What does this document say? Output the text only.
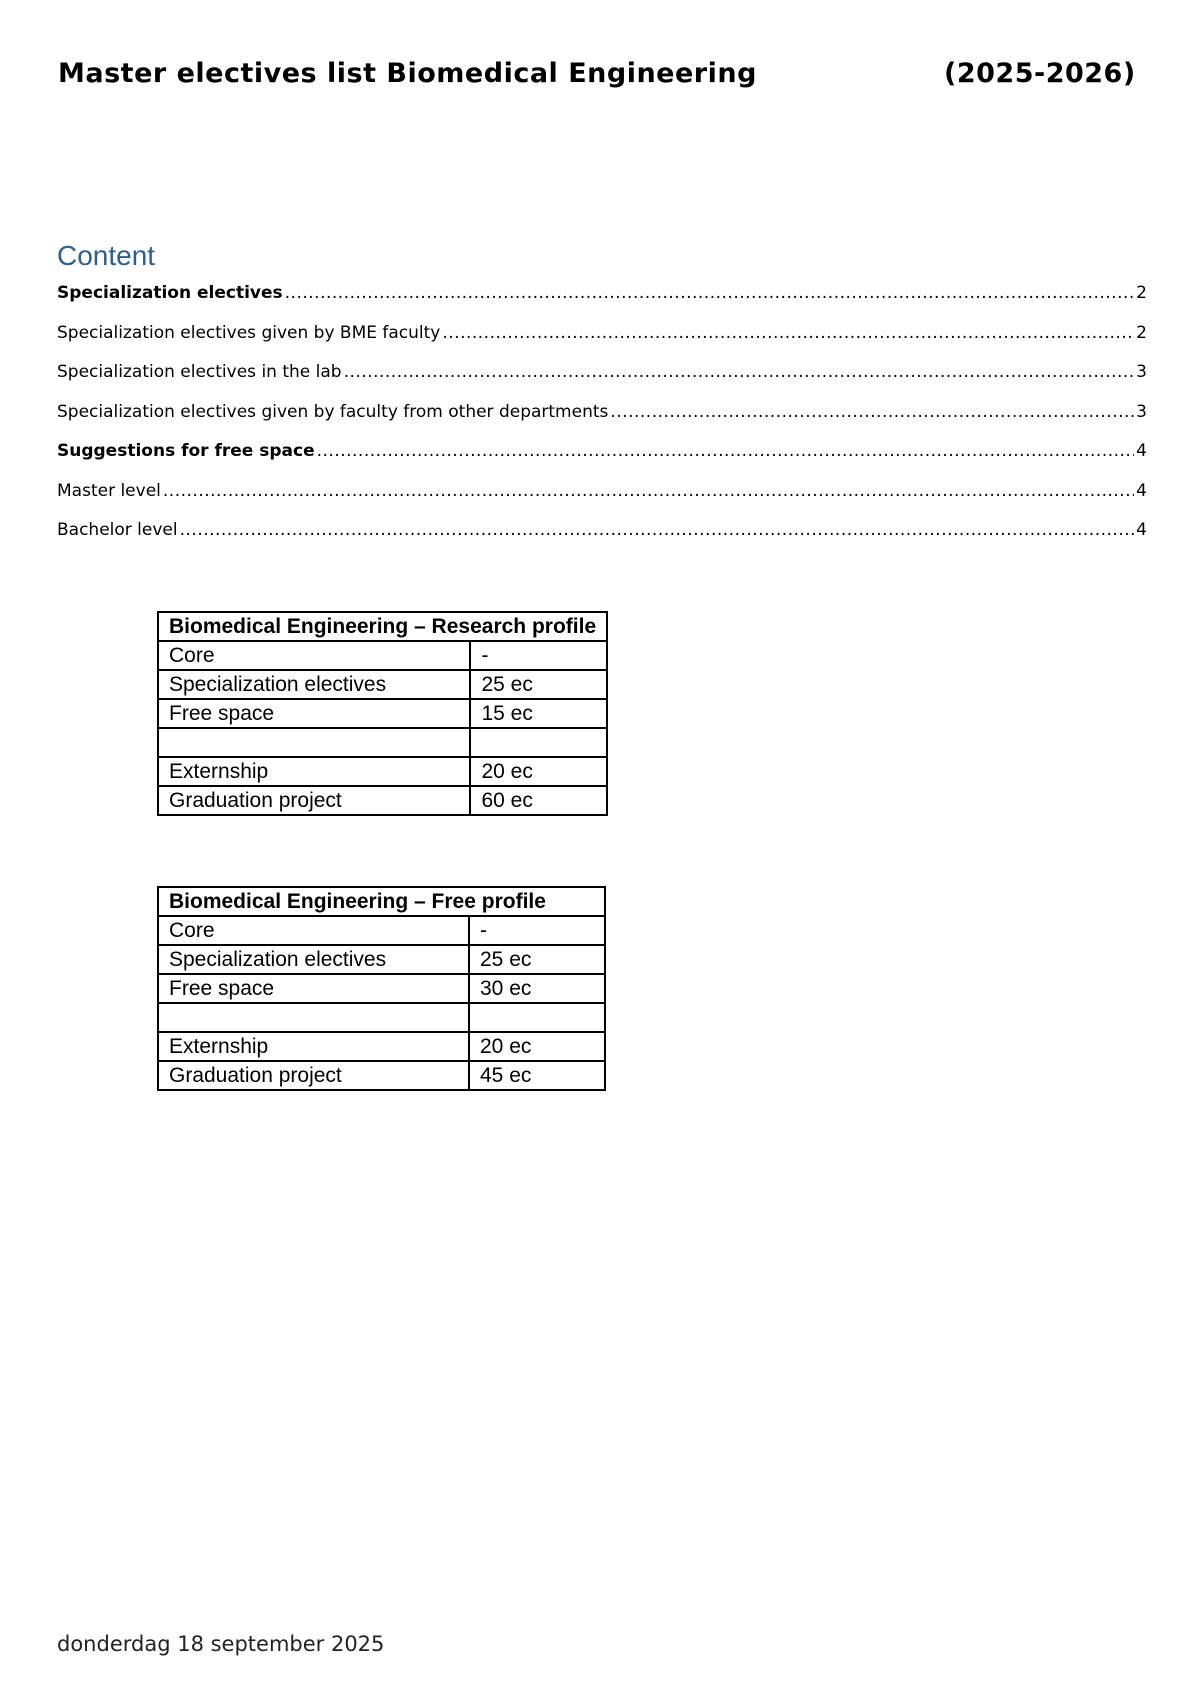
Master electives list Biomedical Engineering	(2025-2026)
Content
Specialization electives .....	2
Specialization electives given by BME faculty .....	2
Specialization electives in the lab .....	3
Specialization electives given by faculty from other departments .....	3
Suggestions for free space .....	4
Master level .....	4
Bachelor level .....	4
Biomedical Engineering – Research profile	
Core	-
Specialization electives	25 ec
Free space	15 ec

Externship	20 ec
Graduation project	60 ec
Biomedical Engineering – Free profile	
Core	-
Specialization electives	25 ec
Free space	30 ec

Externship	20 ec
Graduation project	45 ec
donderdag 18 september 2025
